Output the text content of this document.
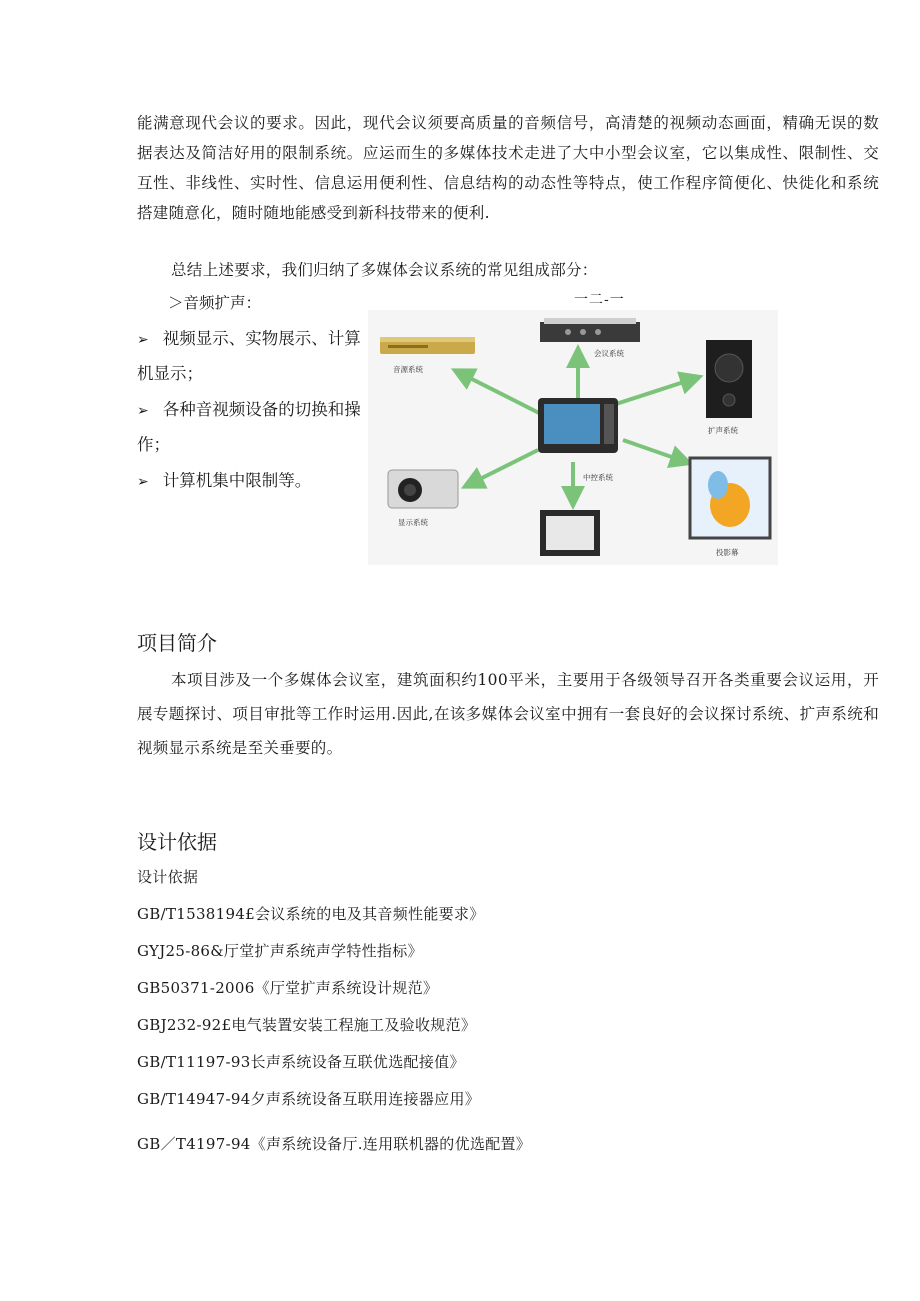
能满意现代会议的要求。因此，现代会议须要高质量的音频信号，高清楚的视频动态画面，精确无误的数据表达及简洁好用的限制系统。应运而生的多媒体技术走进了大中小型会议室，它以集成性、限制性、交互性、非线性、实时性、信息运用便利性、信息结构的动态性等特点，使工作程序简便化、快徙化和系统搭建随意化，随时随地能感受到新科技带来的便利.

总结上述要求，我们归纳了多媒体会议系统的常见组成部分：

＞音频扩声：
➢ 视频显示、实物展示、计算机显示；
➢ 各种音视频设备的切换和操作；
➢ 计算机集中限制等。
一二-一
音源系统
会议系统
扩声系统
中控系统
显示系统
投影幕
项目简介

本项目涉及一个多媒体会议室，建筑面积约100平米，主要用于各级领导召开各类重要会议运用，开展专题探讨、项目审批等工作时运用.因此,在该多媒体会议室中拥有一套良好的会议探讨系统、扩声系统和视频显示系统是至关垂要的。

设计依据
设计依据
GB/T1538194£会议系统的电及其音频性能要求》
GYJ25-86&厅堂扩声系统声学特性指标》
GB50371-2006《厅堂扩声系统设计规范》
GBJ232-92£电气装置安装工程施工及验收规范》
GB/T11197-93长声系统设备互联优选配接值》
GB/T14947-94夕声系统设备互联用连接器应用》
GB／T4197-94《声系统设备厅.连用联机器的优选配置》
